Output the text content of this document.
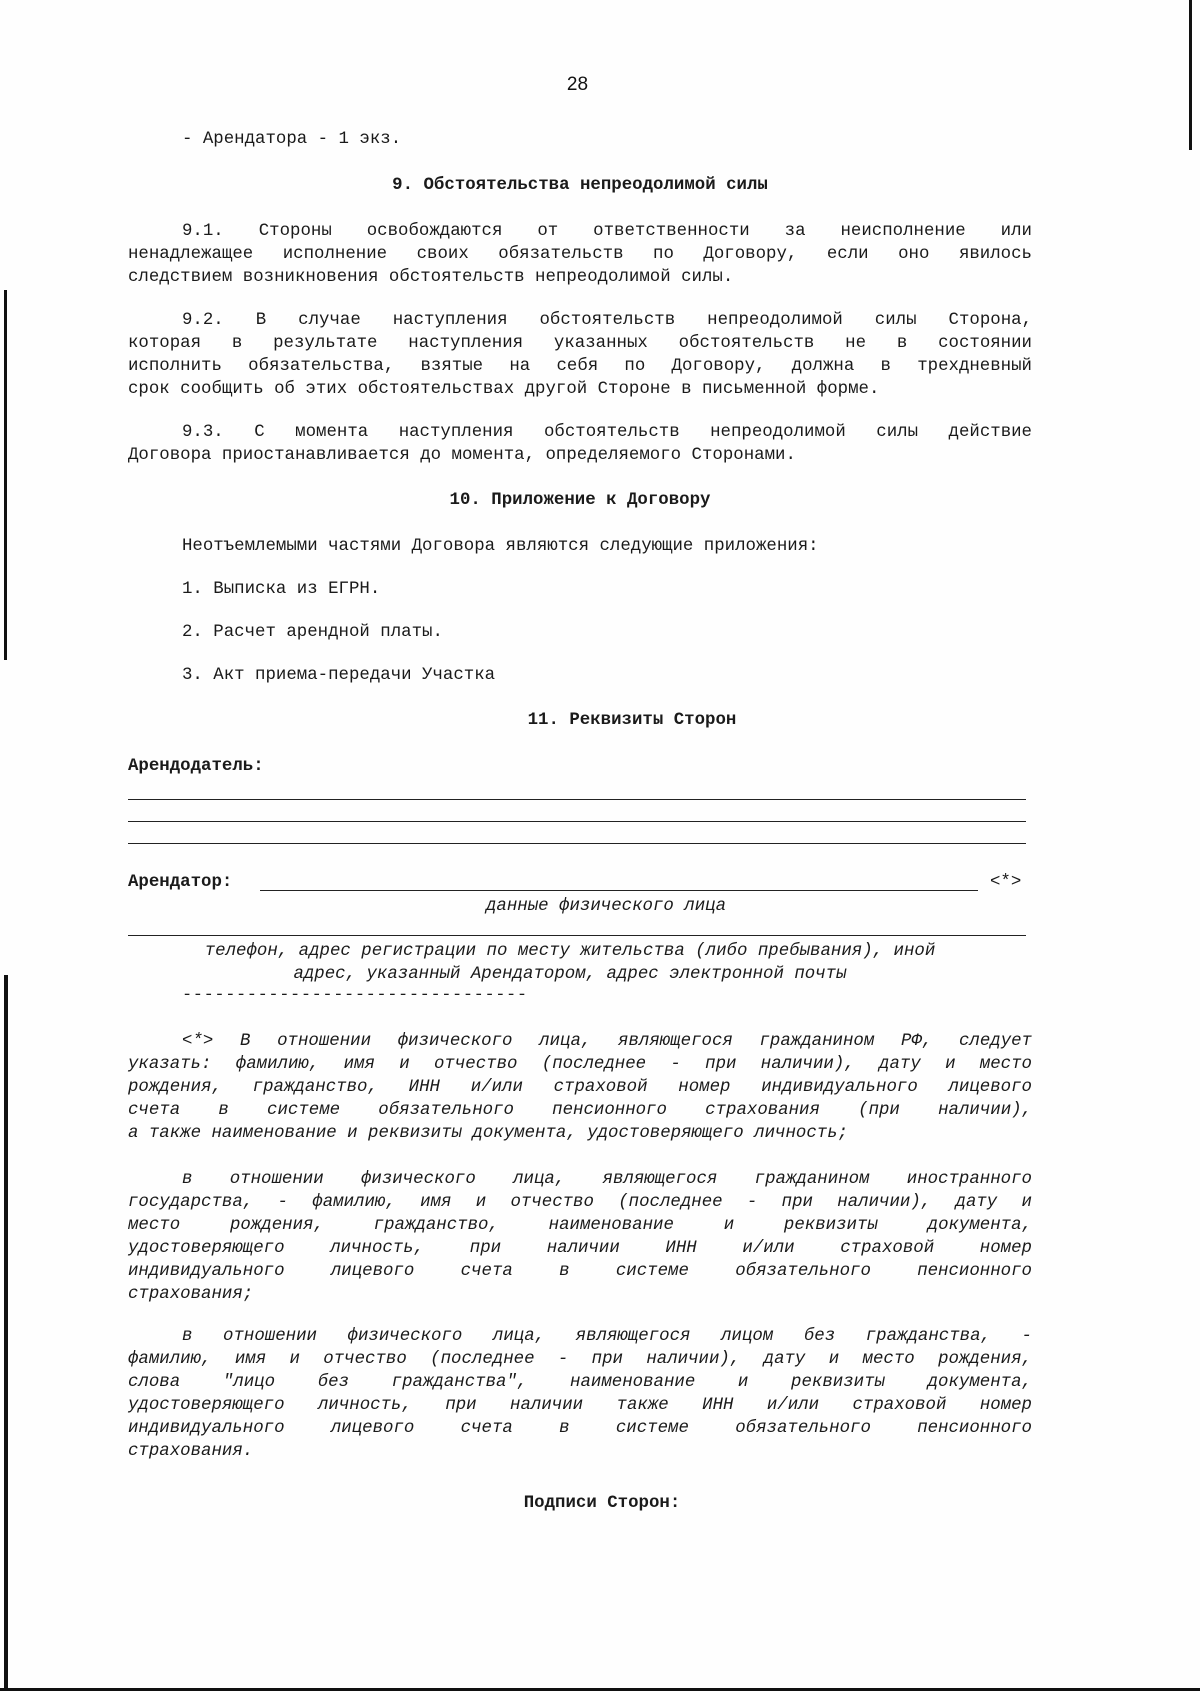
28
- Арендатора - 1 экз.
9. Обстоятельства непреодолимой силы
9.1. Стороны освобождаются от ответственности за неисполнение или
ненадлежащее исполнение своих обязательств по Договору, если оно явилось
следствием возникновения обстоятельств непреодолимой силы.
9.2. В случае наступления обстоятельств непреодолимой силы Сторона,
которая в результате наступления указанных обстоятельств не в состоянии
исполнить обязательства, взятые на себя по Договору, должна в трехдневный
срок сообщить об этих обстоятельствах другой Стороне в письменной форме.
9.3. С момента наступления обстоятельств непреодолимой силы действие
Договора приостанавливается до момента, определяемого Сторонами.
10. Приложение к Договору
Неотъемлемыми частями Договора являются следующие приложения:
1. Выписка из ЕГРН.
2. Расчет арендной платы.
3. Акт приема-передачи Участка
11. Реквизиты Сторон
Арендодатель:
Арендатор:	<*>
данные физического лица
телефон, адрес регистрации по месту жительства (либо пребывания), иной
адрес, указанный Арендатором, адрес электронной почты
--------------------------------
<*> В отношении физического лица, являющегося гражданином РФ, следует
указать: фамилию, имя и отчество (последнее - при наличии), дату и место
рождения, гражданство, ИНН и/или страховой номер индивидуального лицевого
счета в системе обязательного пенсионного страхования (при наличии),
а также наименование и реквизиты документа, удостоверяющего личность;
в отношении физического лица, являющегося гражданином иностранного
государства, - фамилию, имя и отчество (последнее - при наличии), дату и
место рождения, гражданство, наименование и реквизиты документа,
удостоверяющего личность, при наличии ИНН и/или страховой номер
индивидуального лицевого счета в системе обязательного пенсионного
страхования;
в отношении физического лица, являющегося лицом без гражданства, -
фамилию, имя и отчество (последнее - при наличии), дату и место рождения,
слова "лицо без гражданства", наименование и реквизиты документа,
удостоверяющего личность, при наличии также ИНН и/или страховой номер
индивидуального лицевого счета в системе обязательного пенсионного
страхования.
Подписи Сторон:
